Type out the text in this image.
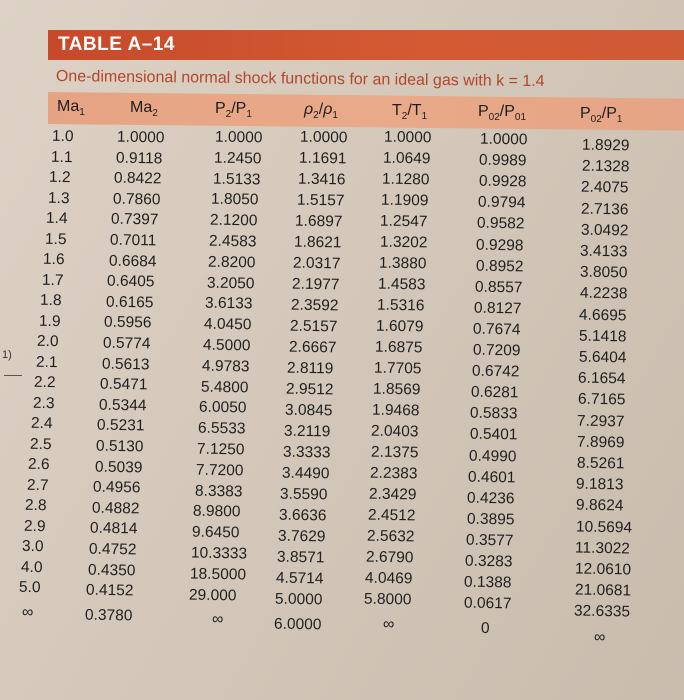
1)
TABLE A–14
One-dimensional normal shock functions for an ideal gas with k = 1.4
$Ma_1$	$Ma_2$	$P_2/P_1$	$\rho_2/\rho_1$	$T_2/T_1$	$P_{02}/P_{01}$	$P_{02}/P_1$
1.0	1.0000	1.0000 1.0000 1.0000	1.0000	1.8929
1.1	0.9118	1.2450 1.1691 1.0649	0.9989	2.1328
1.2	0.8422	1.5133 1.3416 1.1280	0.9928	2.4075
1.3	0.7860	1.8050 1.5157 1.1909	0.9794	2.7136
1.4	0.7397	2.1200 1.6897 1.2547	0.9582	3.0492
1.5	0.7011	2.4583 1.8621 1.3202	0.9298	3.4133
1.6	0.6684	2.8200 2.0317 1.3880	0.8952	3.8050
1.7	0.6405	3.2050 2.1977 1.4583	0.8557	4.2238
1.8	0.6165	3.6133 2.3592 1.5316	0.8127	4.6695
1.9	0.5956	4.0450 2.5157 1.6079	0.7674	5.1418
2.0	0.5774	4.5000 2.6667	1.6875	0.7209	5.6404
2.1	0.5613	4.9783 2.8119	1.7705	0.6742	6.1654
2.2	0.5471	5.4800 2.9512	1.8569	0.6281	6.7165
2.3	0.5344	6.0050 3.0845	1.9468	0.5833	7.2937
2.4	0.5231	6.5533 3.2119	2.0403	0.5401	7.8969
2.5	0.5130	7.1250 3.3333	2.1375	0.4990	8.5261
2.6	0.5039	7.7200 3.4490	2.2383	0.4601	9.1813
2.7	0.4956	8.3383 3.5590	2.3429	0.4236	9.8624
2.8	0.4882	8.9800 3.6636	2.4512	0.3895	10.5694
2.9	0.4814	9.6450 3.7629	2.5632	0.3577	11.3022
3.0	0.4752	10.3333 3.8571	2.6790	0.3283	12.0610
4.0	0.4350	18.5000 4.5714	4.0469	0.1388	21.0681
5.0	0.4152	29.000 5.0000	5.8000	0.0617	32.6335
∞	0.3780	∞	6.0000	∞	0	∞
